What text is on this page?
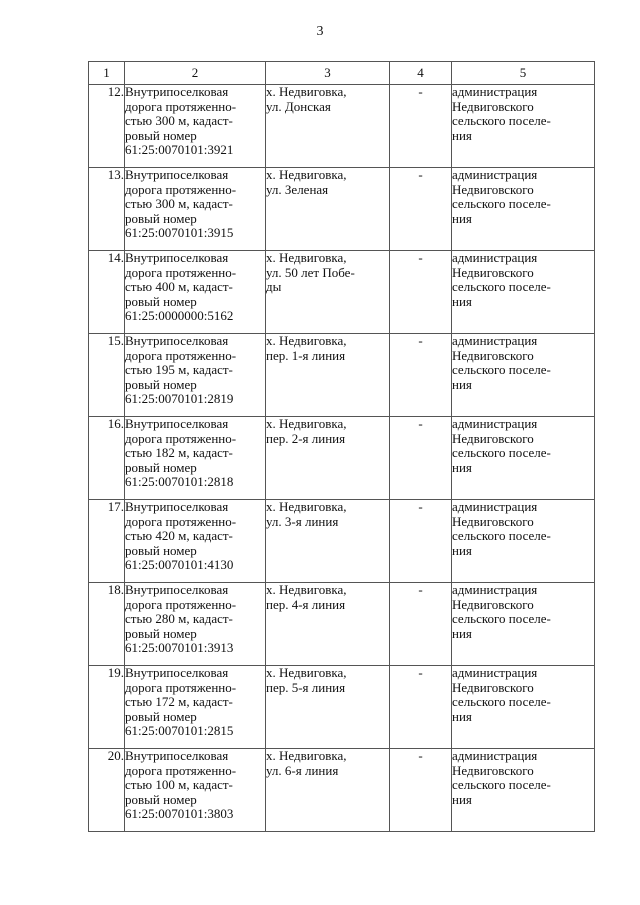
3
1	2	3	4	5

12.	Внутрипоселковая
дорога протяженно-
стью 300 м, кадаст-
ровый номер
61:25:0070101:3921	х. Недвиговка,
ул. Донская	-	администрация
Недвиговского
сельского поселе-
ния

13.	Внутрипоселковая
дорога протяженно-
стью 300 м, кадаст-
ровый номер
61:25:0070101:3915	х. Недвиговка,
ул. Зеленая	-	администрация
Недвиговского
сельского поселе-
ния

14.	Внутрипоселковая
дорога протяженно-
стью 400 м, кадаст-
ровый номер
61:25:0000000:5162	х. Недвиговка,
ул. 50 лет Побе-
ды	-	администрация
Недвиговского
сельского поселе-
ния

15.	Внутрипоселковая
дорога протяженно-
стью 195 м, кадаст-
ровый номер
61:25:0070101:2819	х. Недвиговка,
пер. 1-я линия	-	администрация
Недвиговского
сельского поселе-
ния

16.	Внутрипоселковая
дорога протяженно-
стью 182 м, кадаст-
ровый номер
61:25:0070101:2818	х. Недвиговка,
пер. 2-я линия	-	администрация
Недвиговского
сельского поселе-
ния

17.	Внутрипоселковая
дорога протяженно-
стью 420 м, кадаст-
ровый номер
61:25:0070101:4130	х. Недвиговка,
ул. 3-я линия	-	администрация
Недвиговского
сельского поселе-
ния

18.	Внутрипоселковая
дорога протяженно-
стью 280 м, кадаст-
ровый номер
61:25:0070101:3913	х. Недвиговка,
пер. 4-я линия	-	администрация
Недвиговского
сельского поселе-
ния

19.	Внутрипоселковая
дорога протяженно-
стью 172 м, кадаст-
ровый номер
61:25:0070101:2815	х. Недвиговка,
пер. 5-я линия	-	администрация
Недвиговского
сельского поселе-
ния

20.	Внутрипоселковая
дорога протяженно-
стью 100 м, кадаст-
ровый номер
61:25:0070101:3803	х. Недвиговка,
ул. 6-я линия	-	администрация
Недвиговского
сельского поселе-
ния
